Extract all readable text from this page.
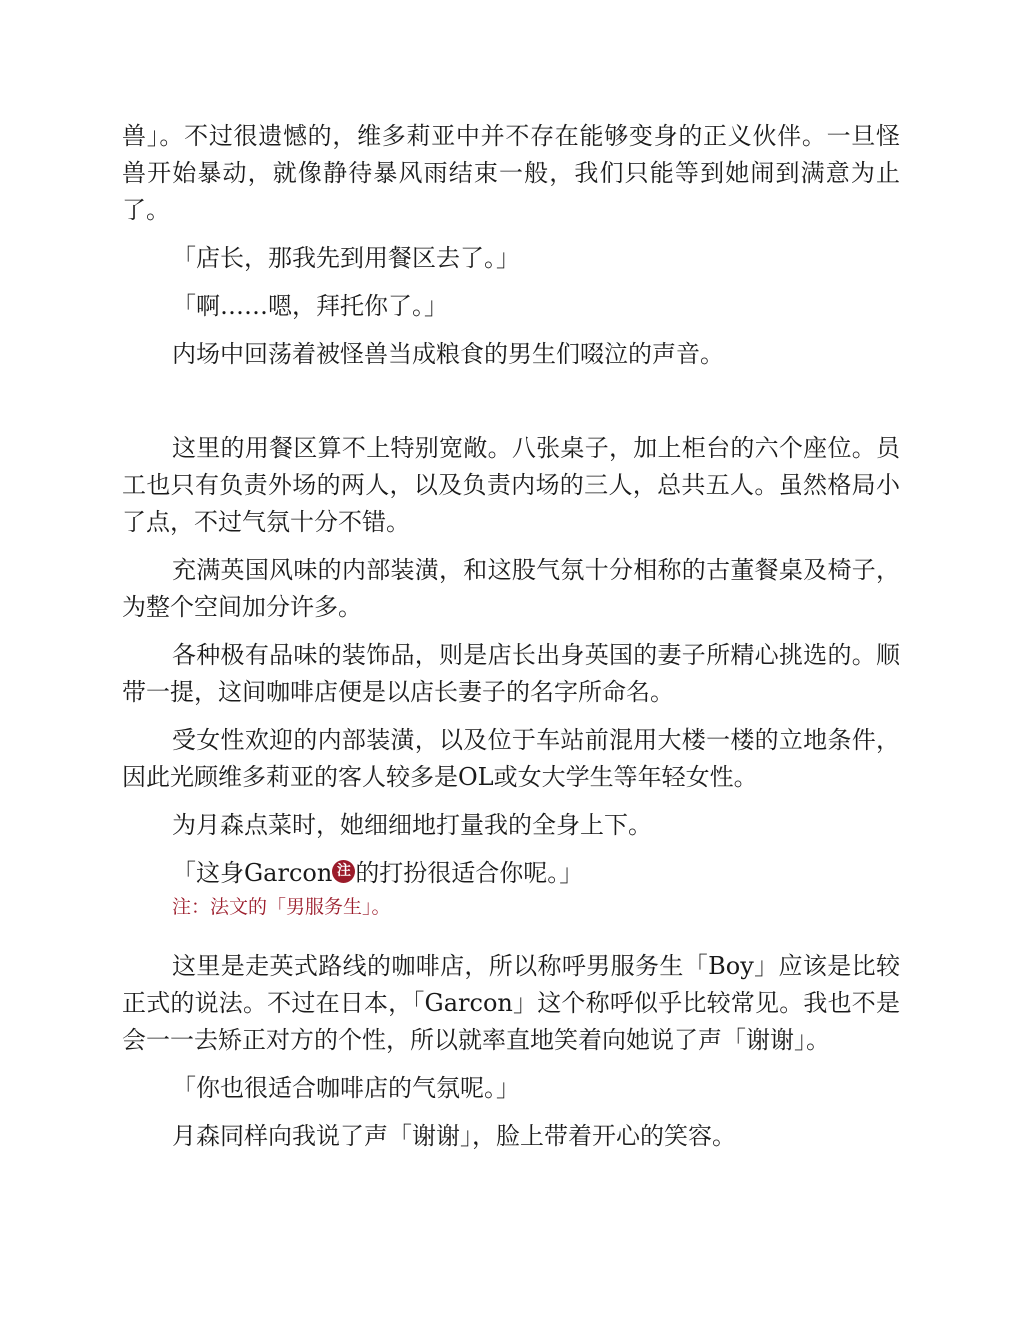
兽」。不过很遗憾的，维多莉亚中并不存在能够变身的正义伙伴。一旦怪兽开始暴动，就像静待暴风雨结束一般，我们只能等到她闹到满意为止了。

「店长，那我先到用餐区去了。」

「啊……嗯，拜托你了。」

内场中回荡着被怪兽当成粮食的男生们啜泣的声音。

这里的用餐区算不上特别宽敞。八张桌子，加上柜台的六个座位。员工也只有负责外场的两人，以及负责内场的三人，总共五人。虽然格局小了点，不过气氛十分不错。

充满英国风味的内部装潢，和这股气氛十分相称的古董餐桌及椅子，为整个空间加分许多。

各种极有品味的装饰品，则是店长出身英国的妻子所精心挑选的。顺带一提，这间咖啡店便是以店长妻子的名字所命名。

受女性欢迎的内部装潢，以及位于车站前混用大楼一楼的立地条件，因此光顾维多莉亚的客人较多是OL或女大学生等年轻女性。

为月森点菜时，她细细地打量我的全身上下。

「这身Garcon 注 的打扮很适合你呢。」

注：法文的「男服务生」。

这里是走英式路线的咖啡店，所以称呼男服务生「Boy」应该是比较正式的说法。不过在日本，「Garcon」这个称呼似乎比较常见。我也不是会一一去矫正对方的个性，所以就率直地笑着向她说了声「谢谢」。

「你也很适合咖啡店的气氛呢。」

月森同样向我说了声「谢谢」，脸上带着开心的笑容。
